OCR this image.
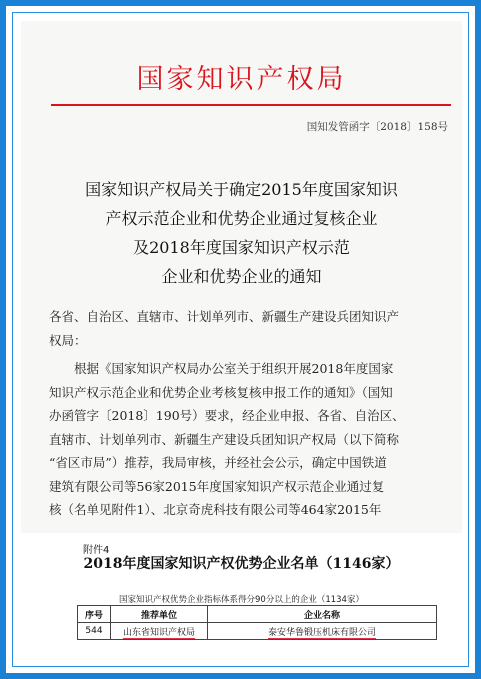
国家知识产权局
国知发管函字〔2018〕158号
国家知识产权局关于确定2015年度国家知识
产权示范企业和优势企业通过复核企业
及2018年度国家知识产权示范
企业和优势企业的通知
各省、自治区、直辖市、计划单列市、新疆生产建设兵团知识产
权局：
　　根据《国家知识产权局办公室关于组织开展2018年度国家
知识产权示范企业和优势企业考核复核申报工作的通知》（国知
办函管字〔2018〕190号）要求，经企业申报、各省、自治区、
直辖市、计划单列市、新疆生产建设兵团知识产权局（以下简称
“省区市局”）推荐，我局审核，并经社会公示，确定中国铁道
建筑有限公司等56家2015年度国家知识产权示范企业通过复
核（名单见附件1）、北京奇虎科技有限公司等464家2015年
附件4
2018年度国家知识产权优势企业名单（1146家）
国家知识产权优势企业指标体系得分90分以上的企业（1134家）
序号	推荐单位	企业名称
544	山东省知识产权局	泰安华鲁锻压机床有限公司
